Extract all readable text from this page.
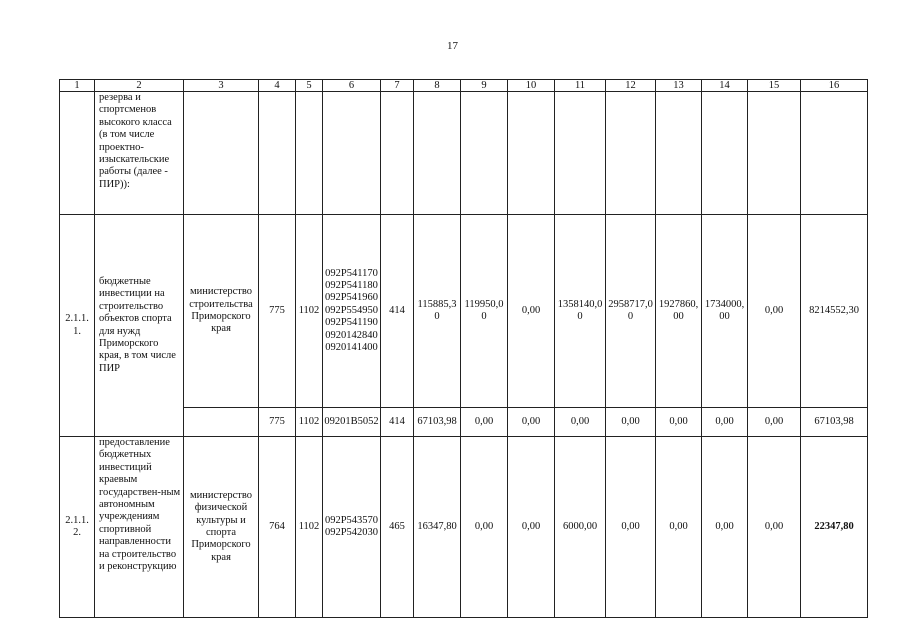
17
1	2	3	4	5	6	7	8	9	10	11	12	13	14	15	16
	резерва и спортсменов высокого класса (в том числе проектно-изыскательские работы (далее - ПИР)):														
2.1.1.1.	бюджетные инвестиции на строительство объектов спорта для нужд Приморского края, в том числе ПИР	министерство строительства Приморского края	775	1102	092P541170 092P541180 092P541960 092P554950 092P541190 0920142840 0920141400	414	115885,30	119950,00	0,00	1358140,00	2958717,00	1927860,00	1734000,00	0,00	8214552,30
			775	1102	09201B5052	414	67103,98	0,00	0,00	0,00	0,00	0,00	0,00	0,00	67103,98
2.1.1.2.	предоставление бюджетных инвестиций краевым государствен-ным автономным учреждениям спортивной направленности на строительство и реконструкцию	министерство физической культуры и спорта Приморского края	764	1102	092P543570 092P542030	465	16347,80	0,00	0,00	6000,00	0,00	0,00	0,00	0,00	22347,80
